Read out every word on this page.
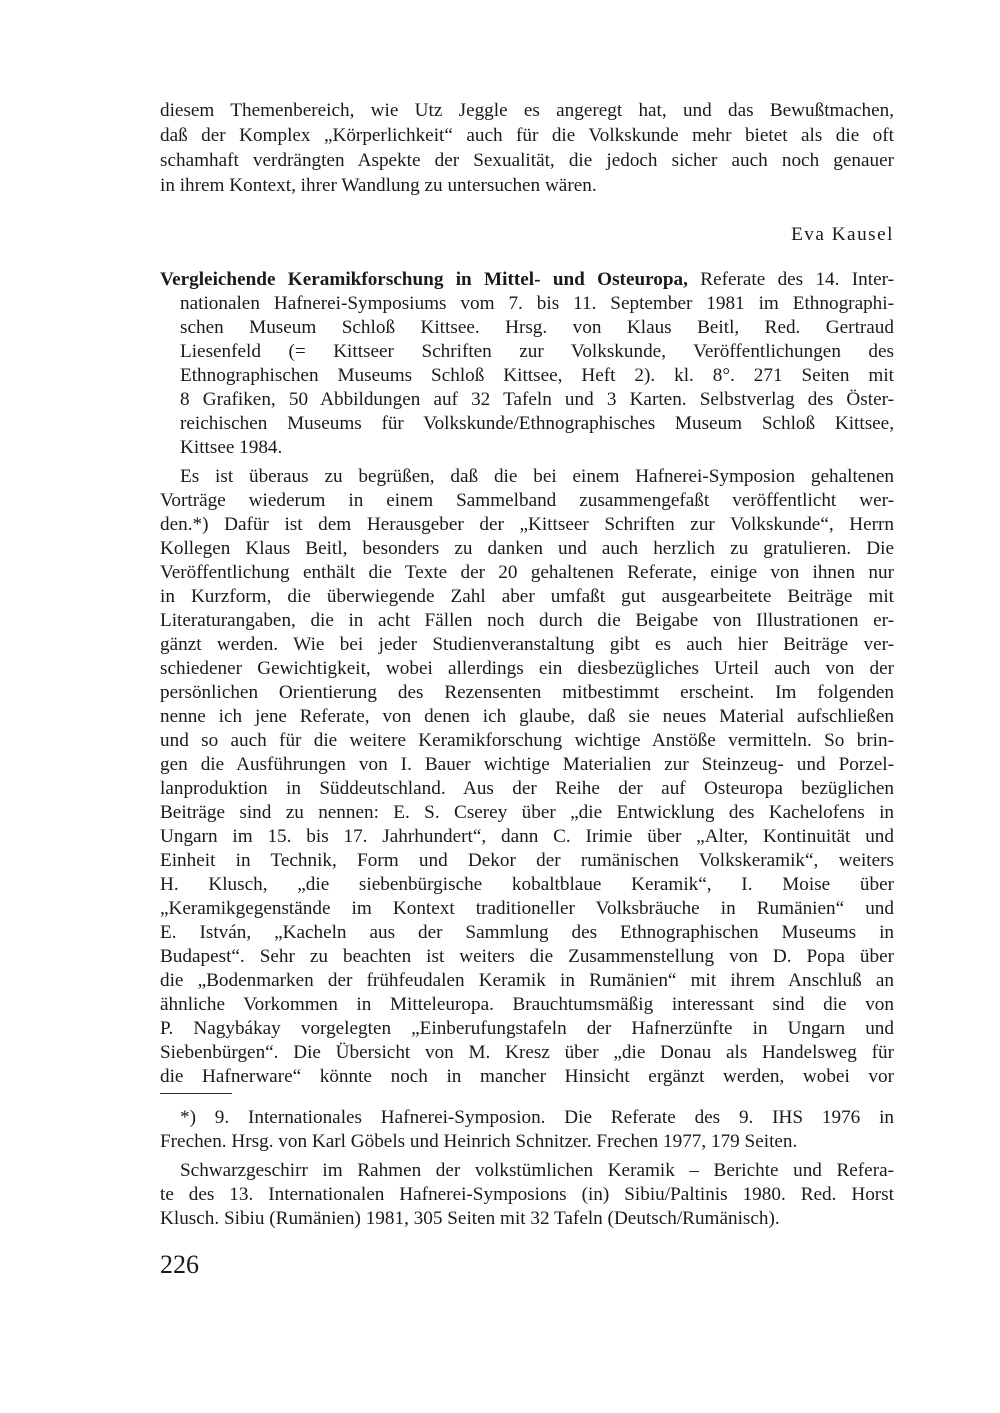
diesem Themenbereich, wie Utz Jeggle es angeregt hat, und das Bewußtmachen,
daß der Komplex „Körperlichkeit“ auch für die Volkskunde mehr bietet als die oft
schamhaft verdrängten Aspekte der Sexualität, die jedoch sicher auch noch genauer
in ihrem Kontext, ihrer Wandlung zu untersuchen wären.
Eva Kausel
Vergleichende Keramikforschung in Mittel- und Osteuropa, Referate des 14. Inter-
nationalen Hafnerei-Symposiums vom 7. bis 11. September 1981 im Ethnographi-
schen Museum Schloß Kittsee. Hrsg. von Klaus Beitl, Red. Gertraud
Liesenfeld (= Kittseer Schriften zur Volkskunde, Veröffentlichungen des
Ethnographischen Museums Schloß Kittsee, Heft 2). kl. 8°. 271 Seiten mit
8 Grafiken, 50 Abbildungen auf 32 Tafeln und 3 Karten. Selbstverlag des Öster-
reichischen Museums für Volkskunde/Ethnographisches Museum Schloß Kittsee,
Kittsee 1984.
Es ist überaus zu begrüßen, daß die bei einem Hafnerei-Symposion gehaltenen
Vorträge wiederum in einem Sammelband zusammengefaßt veröffentlicht wer-
den.*) Dafür ist dem Herausgeber der „Kittseer Schriften zur Volkskunde“, Herrn
Kollegen Klaus Beitl, besonders zu danken und auch herzlich zu gratulieren. Die
Veröffentlichung enthält die Texte der 20 gehaltenen Referate, einige von ihnen nur
in Kurzform, die überwiegende Zahl aber umfaßt gut ausgearbeitete Beiträge mit
Literaturangaben, die in acht Fällen noch durch die Beigabe von Illustrationen er-
gänzt werden. Wie bei jeder Studienveranstaltung gibt es auch hier Beiträge ver-
schiedener Gewichtigkeit, wobei allerdings ein diesbezügliches Urteil auch von der
persönlichen Orientierung des Rezensenten mitbestimmt erscheint. Im folgenden
nenne ich jene Referate, von denen ich glaube, daß sie neues Material aufschließen
und so auch für die weitere Keramikforschung wichtige Anstöße vermitteln. So brin-
gen die Ausführungen von I. Bauer wichtige Materialien zur Steinzeug- und Porzel-
lanproduktion in Süddeutschland. Aus der Reihe der auf Osteuropa bezüglichen
Beiträge sind zu nennen: E. S. Cserey über „die Entwicklung des Kachelofens in
Ungarn im 15. bis 17. Jahrhundert“, dann C. Irimie über „Alter, Kontinuität und
Einheit in Technik, Form und Dekor der rumänischen Volkskeramik“, weiters
H. Klusch, „die siebenbürgische kobaltblaue Keramik“, I. Moise über
„Keramikgegenstände im Kontext traditioneller Volksbräuche in Rumänien“ und
E. István, „Kacheln aus der Sammlung des Ethnographischen Museums in
Budapest“. Sehr zu beachten ist weiters die Zusammenstellung von D. Popa über
die „Bodenmarken der frühfeudalen Keramik in Rumänien“ mit ihrem Anschluß an
ähnliche Vorkommen in Mitteleuropa. Brauchtumsmäßig interessant sind die von
P. Nagybákay vorgelegten „Einberufungstafeln der Hafnerzünfte in Ungarn und
Siebenbürgen“. Die Übersicht von M. Kresz über „die Donau als Handelsweg für
die Hafnerware“ könnte noch in mancher Hinsicht ergänzt werden, wobei vor
*) 9. Internationales Hafnerei-Symposion. Die Referate des 9. IHS 1976 in
Frechen. Hrsg. von Karl Göbels und Heinrich Schnitzer. Frechen 1977, 179 Seiten.
Schwarzgeschirr im Rahmen der volkstümlichen Keramik – Berichte und Refera-
te des 13. Internationalen Hafnerei-Symposions (in) Sibiu/Paltinis 1980. Red. Horst
Klusch. Sibiu (Rumänien) 1981, 305 Seiten mit 32 Tafeln (Deutsch/Rumänisch).
226
